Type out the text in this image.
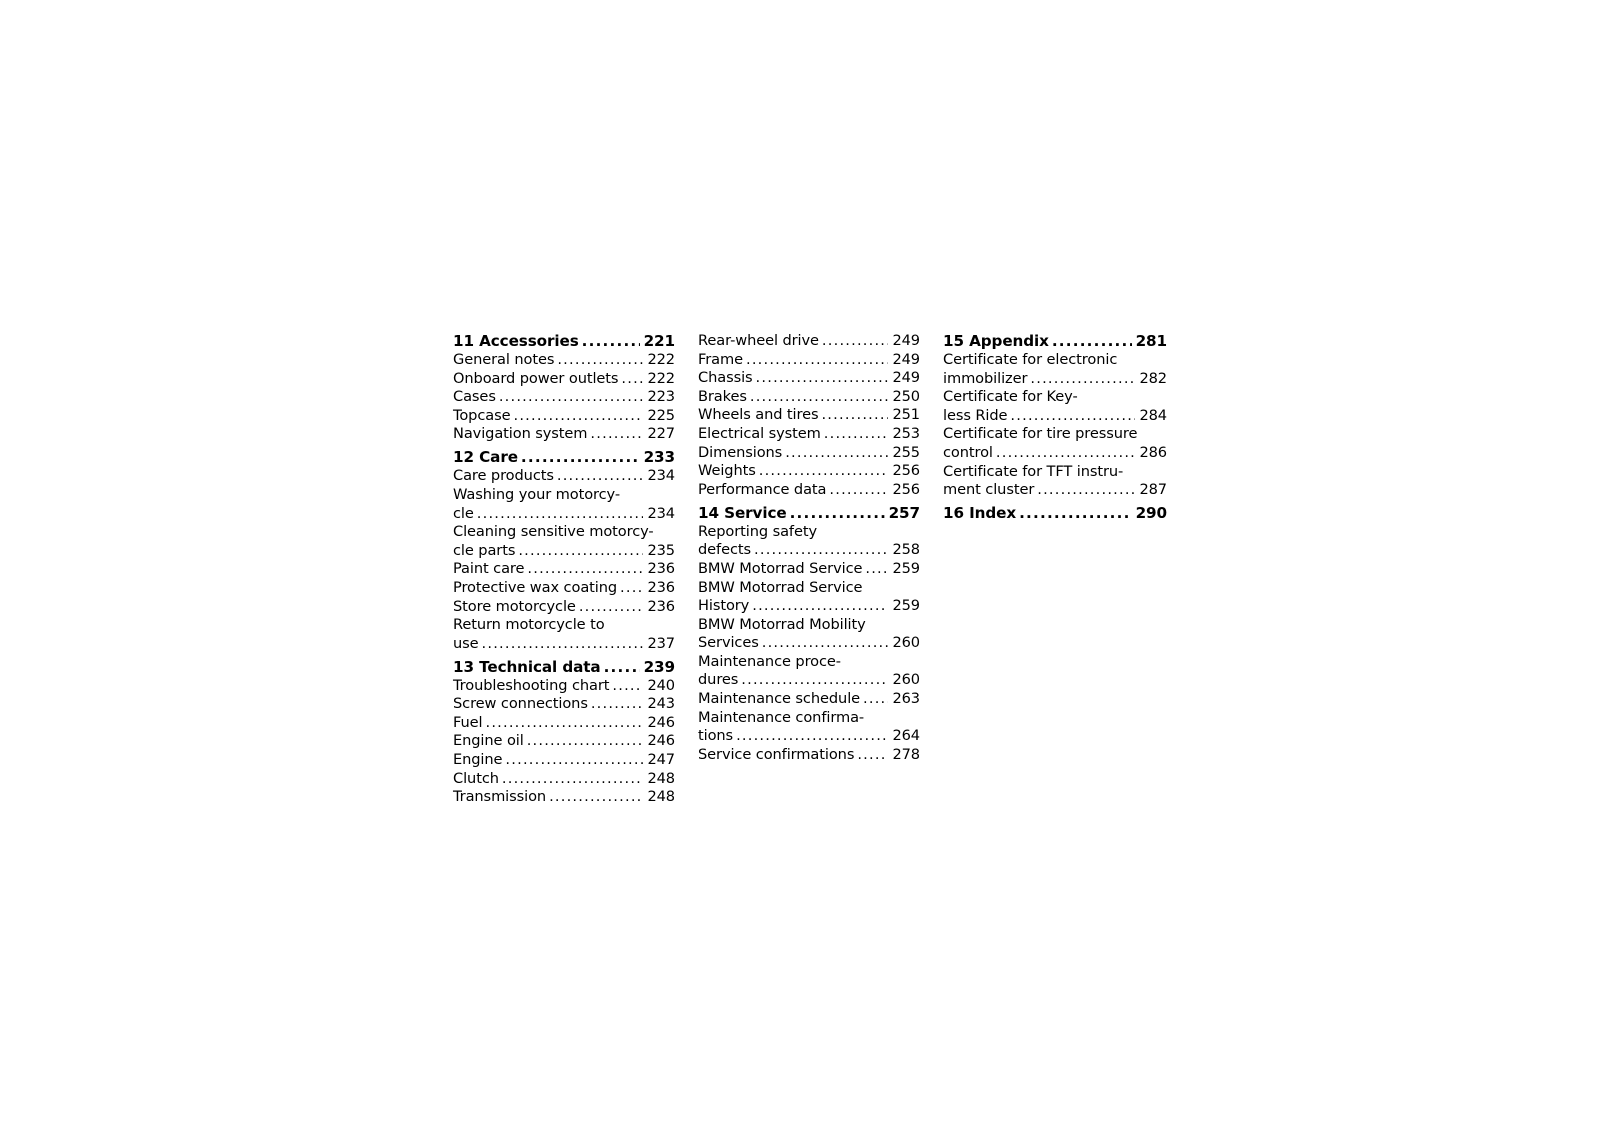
11 Accessories .....	221
General notes .....	222
Onboard power outlets ..... 222
Cases .....	223
Topcase .....	225
Navigation system .....	227
12 Care .....	233
Care products .....	234
Washing your motorcy-
cle .....	234
Cleaning sensitive motorcy-
cle parts .....	235
Paint care .....	236
Protective wax coating ..... 236
Store motorcycle .....	236
Return motorcycle to
use .....	237
13 Technical data .....	239
Troubleshooting chart .....	240
Screw connections .....	243
Fuel .....	246
Engine oil .....	246
Engine .....	247
Clutch .....	248
Transmission .....	248
Rear-wheel drive .....	249
Frame .....	249
Chassis .....	249
Brakes .....	250
Wheels and tires .....	251
Electrical system .....	253
Dimensions .....	255
Weights .....	256
Performance data .....	256
14 Service .....	257
Reporting safety
defects .....	258
BMW Motorrad Service ..... 259
BMW Motorrad Service
History .....	259
BMW Motorrad Mobility
Services .....	260
Maintenance proce-
dures .....	260
Maintenance schedule ..... 263
Maintenance confirma-
tions .....	264
Service confirmations .....	278
15 Appendix .....	281
Certificate for electronic
immobilizer .....	282
Certificate for Key-
less Ride .....	284
Certificate for tire pressure
control .....	286
Certificate for TFT instru-
ment cluster .....	287
16 Index .....	290
